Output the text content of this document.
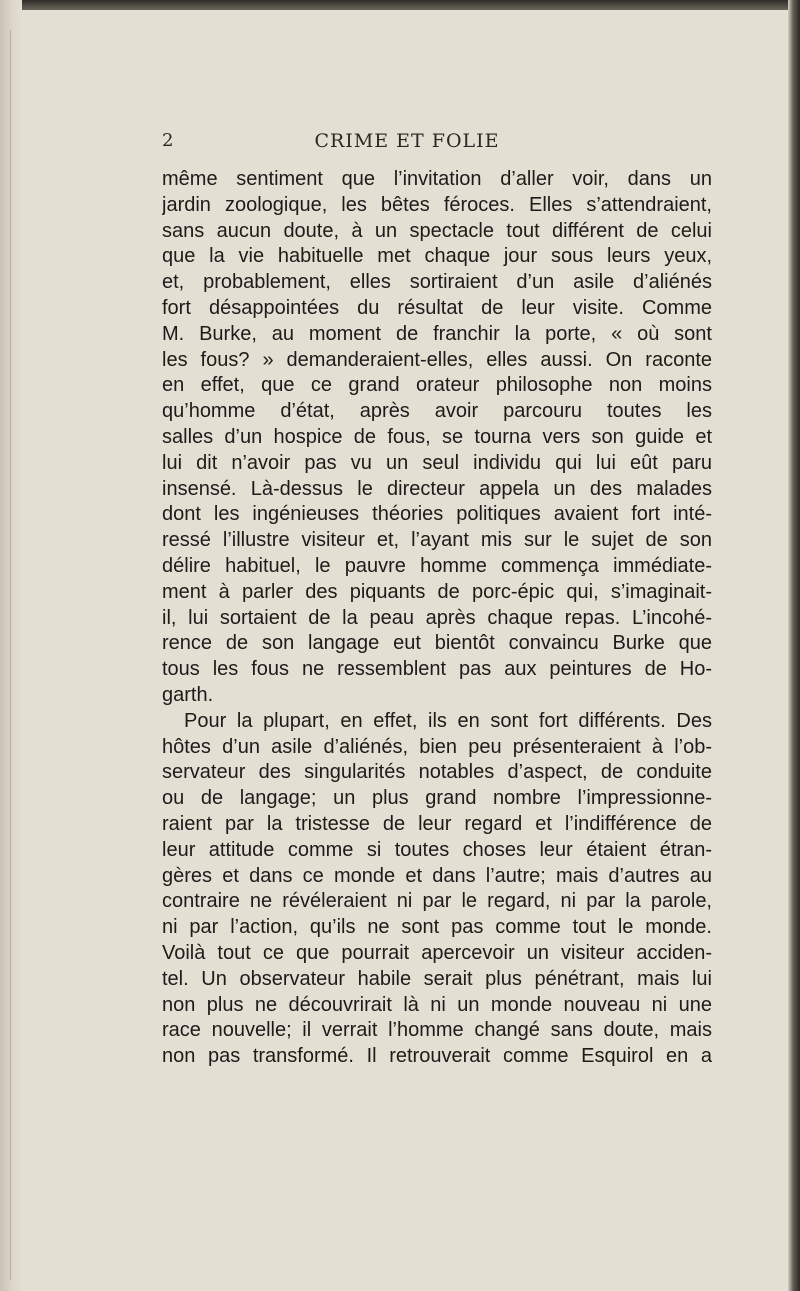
2	CRIME ET FOLIE
même sentiment que l’invitation d’aller voir, dans un
jardin zoologique, les bêtes féroces. Elles s’attendraient,
sans aucun doute, à un spectacle tout différent de celui
que la vie habituelle met chaque jour sous leurs yeux,
et, probablement, elles sortiraient d’un asile d’aliénés
fort désappointées du résultat de leur visite. Comme
M. Burke, au moment de franchir la porte, « où sont
les fous? » demanderaient-elles, elles aussi. On raconte
en effet, que ce grand orateur philosophe non moins
qu’homme d’état, après avoir parcouru toutes les
salles d’un hospice de fous, se tourna vers son guide et
lui dit n’avoir pas vu un seul individu qui lui eût paru
insensé. Là-dessus le directeur appela un des malades
dont les ingénieuses théories politiques avaient fort inté-
ressé l’illustre visiteur et, l’ayant mis sur le sujet de son
délire habituel, le pauvre homme commença immédiate-
ment à parler des piquants de porc-épic qui, s’imaginait-
il, lui sortaient de la peau après chaque repas. L’incohé-
rence de son langage eut bientôt convaincu Burke que
tous les fous ne ressemblent pas aux peintures de Ho-
garth.
Pour la plupart, en effet, ils en sont fort différents. Des
hôtes d’un asile d’aliénés, bien peu présenteraient à l’ob-
servateur des singularités notables d’aspect, de conduite
ou de langage; un plus grand nombre l’impressionne-
raient par la tristesse de leur regard et l’indifférence de
leur attitude comme si toutes choses leur étaient étran-
gères et dans ce monde et dans l’autre; mais d’autres au
contraire ne révéleraient ni par le regard, ni par la parole,
ni par l’action, qu’ils ne sont pas comme tout le monde.
Voilà tout ce que pourrait apercevoir un visiteur acciden-
tel. Un observateur habile serait plus pénétrant, mais lui
non plus ne découvrirait là ni un monde nouveau ni une
race nouvelle; il verrait l’homme changé sans doute, mais
non pas transformé. Il retrouverait comme Esquirol en a
